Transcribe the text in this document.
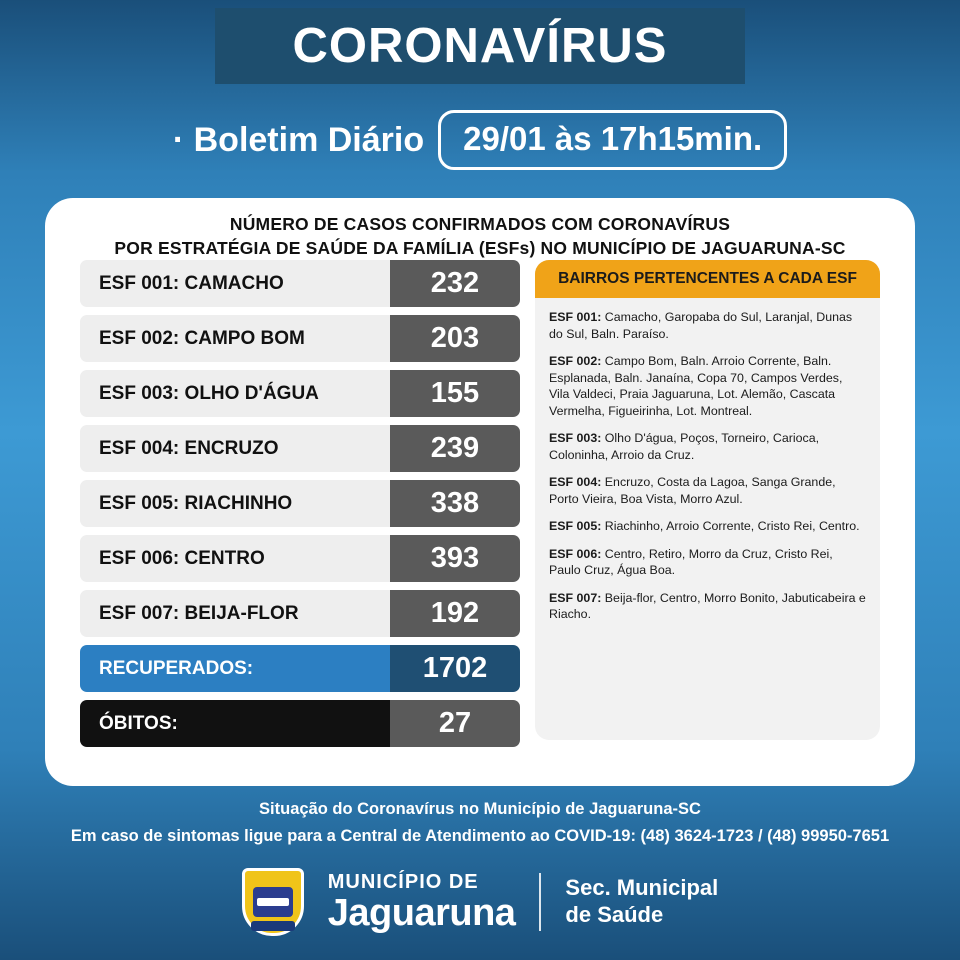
CORONAVÍRUS
· Boletim Diário	29/01 às 17h15min.
NÚMERO DE CASOS CONFIRMADOS COM CORONAVÍRUS
POR ESTRATÉGIA DE SAÚDE DA FAMÍLIA (ESFs) NO MUNICÍPIO DE JAGUARUNA-SC
ESF 001: CAMACHO	232
ESF 002: CAMPO BOM	203
ESF 003: OLHO D'ÁGUA	155
ESF 004: ENCRUZO	239
ESF 005: RIACHINHO	338
ESF 006: CENTRO	393
ESF 007: BEIJA-FLOR	192
RECUPERADOS:	1702
ÓBITOS:	27
BAIRROS PERTENCENTES A CADA ESF
ESF 001: Camacho, Garopaba do Sul, Laranjal, Dunas do Sul, Baln. Paraíso.
ESF 002: Campo Bom, Baln. Arroio Corrente, Baln. Esplanada, Baln. Janaína, Copa 70, Campos Verdes, Vila Valdeci, Praia Jaguaruna, Lot. Alemão, Cascata Vermelha, Figueirinha, Lot. Montreal.
ESF 003: Olho D'água, Poços, Torneiro, Carioca, Coloninha, Arroio da Cruz.
ESF 004: Encruzo, Costa da Lagoa, Sanga Grande, Porto Vieira, Boa Vista, Morro Azul.
ESF 005: Riachinho, Arroio Corrente, Cristo Rei, Centro.
ESF 006: Centro, Retiro, Morro da Cruz, Cristo Rei, Paulo Cruz, Água Boa.
ESF 007: Beija-flor, Centro, Morro Bonito, Jabuticabeira e Riacho.
Situação do Coronavírus no Município de Jaguaruna-SC
Em caso de sintomas ligue para a Central de Atendimento ao COVID-19: (48) 3624-1723 / (48) 99950-7651
MUNICÍPIO DE
Jaguaruna
Sec. Municipal
de Saúde
